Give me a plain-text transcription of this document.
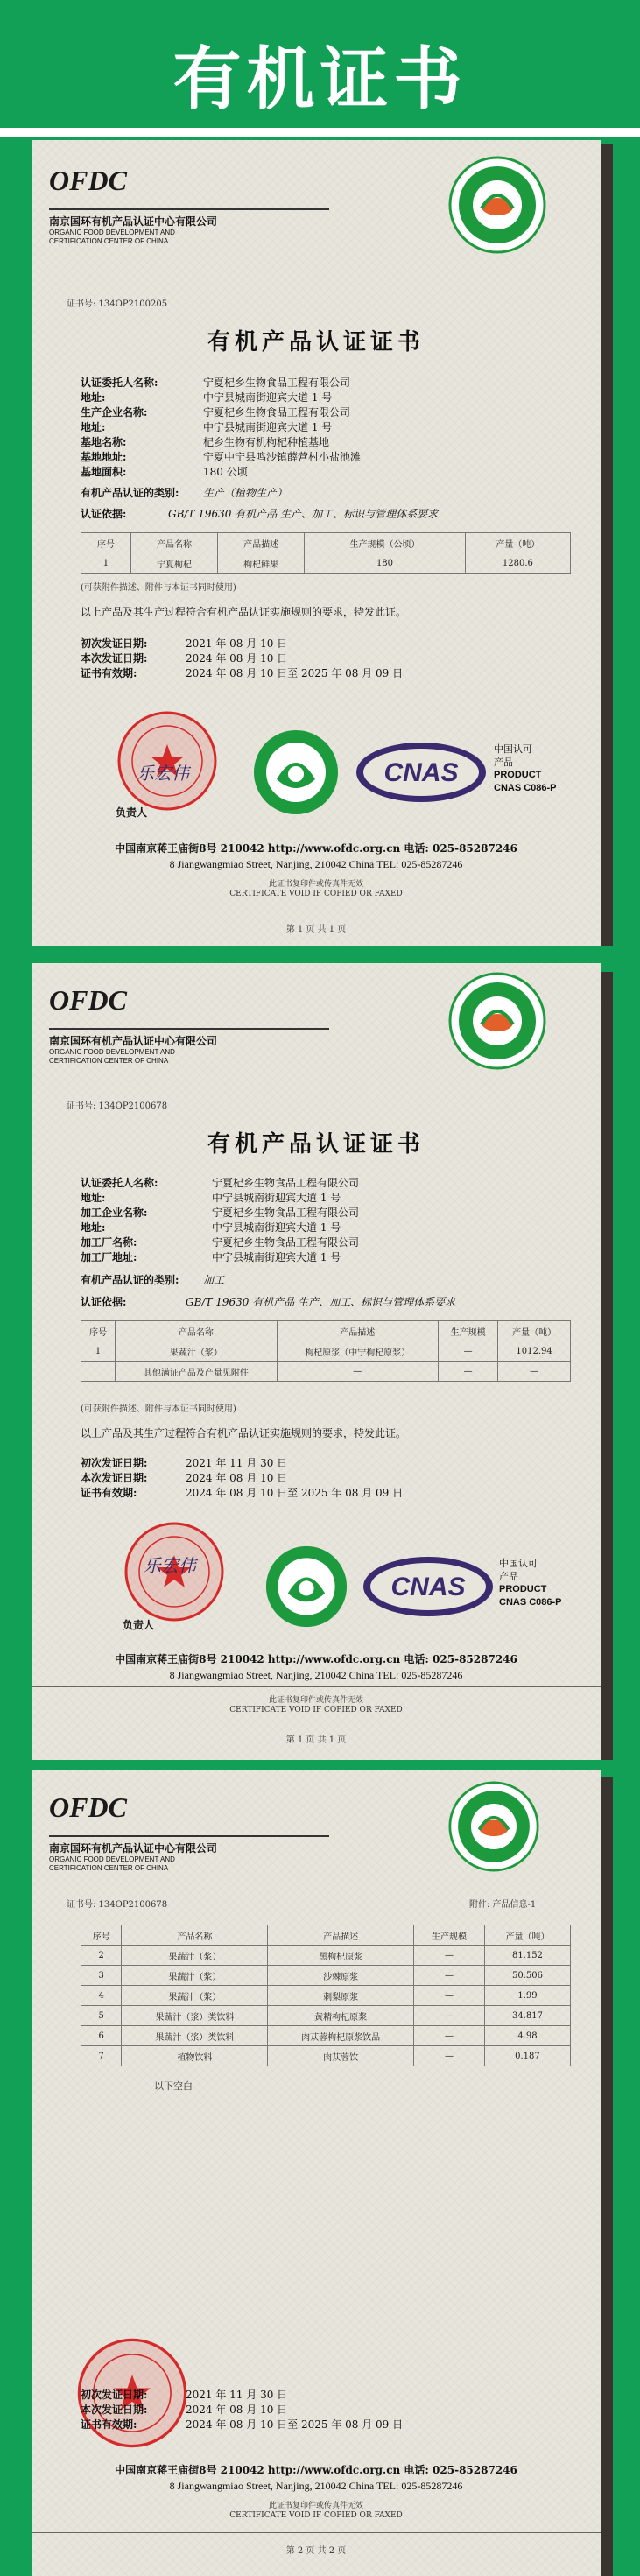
有机证书
OFDC
南京国环有机产品认证中心有限公司
ORGANIC FOOD DEVELOPMENT AND
CERTIFICATION CENTER OF CHINA
证书号: 134OP2100205
有机产品认证证书
认证委托人名称:	宁夏杞乡生物食品工程有限公司
地址:	中宁县城南街迎宾大道 1 号
生产企业名称:	宁夏杞乡生物食品工程有限公司
地址:	中宁县城南街迎宾大道 1 号
基地名称:	杞乡生物有机枸杞种植基地
基地地址:	宁夏中宁县鸣沙镇薛营村小盐池滩
基地面积:	180 公顷
有机产品认证的类别: 生产（植物生产）
认证依据:	GB/T 19630 有机产品 生产、加工、标识与管理体系要求
序号	产品名称	产品描述	生产规模（公顷）	产量（吨）
1	宁夏枸杞	枸杞鲜果	180	1280.6
(可获附件描述、附件与本证书同时使用)
以上产品及其生产过程符合有机产品认证实施规则的要求，特发此证。
初次发证日期:	2021 年 08 月 10 日
本次发证日期:	2024 年 08 月 10 日
证书有效期:	2024 年 08 月 10 日至 2025 年 08 月 09 日
乐宏伟
负责人
CNAS
中国认可
产品
PRODUCT
CNAS C086-P
中国南京蒋王庙街8号 210042 http://www.ofdc.org.cn 电话: 025-85287246
8 Jiangwangmiao Street, Nanjing, 210042 China TEL: 025-85287246
此证书复印件或传真件无效
CERTIFICATE VOID IF COPIED OR FAXED
第 1 页 共 1 页
OFDC
南京国环有机产品认证中心有限公司
ORGANIC FOOD DEVELOPMENT AND
CERTIFICATION CENTER OF CHINA
证书号: 134OP2100678
有机产品认证证书
认证委托人名称:	宁夏杞乡生物食品工程有限公司
地址:	中宁县城南街迎宾大道 1 号
加工企业名称:	宁夏杞乡生物食品工程有限公司
地址:	中宁县城南街迎宾大道 1 号
加工厂名称:	宁夏杞乡生物食品工程有限公司
加工厂地址:	中宁县城南街迎宾大道 1 号
有机产品认证的类别: 加工
认证依据:	GB/T 19630 有机产品 生产、加工、标识与管理体系要求
序号	产品名称	产品描述	生产规模	产量（吨）
1	果蔬汁（浆）	枸杞原浆（中宁枸杞原浆）	—	1012.94
	其他满证产品及产量见附件	—	—	—
(可获附件描述、附件与本证书同时使用)
以上产品及其生产过程符合有机产品认证实施规则的要求，特发此证。
初次发证日期:	2021 年 11 月 30 日
本次发证日期:	2024 年 08 月 10 日
证书有效期:	2024 年 08 月 10 日至 2025 年 08 月 09 日
乐宏伟
负责人
CNAS
中国认可
产品
PRODUCT
CNAS C086-P
中国南京蒋王庙街8号 210042 http://www.ofdc.org.cn 电话: 025-85287246
8 Jiangwangmiao Street, Nanjing, 210042 China TEL: 025-85287246
此证书复印件或传真件无效
CERTIFICATE VOID IF COPIED OR FAXED
第 1 页 共 1 页
OFDC
南京国环有机产品认证中心有限公司
ORGANIC FOOD DEVELOPMENT AND
CERTIFICATION CENTER OF CHINA
证书号: 134OP2100678	附件: 产品信息-1
序号	产品名称	产品描述	生产规模	产量（吨）
2	果蔬汁（浆）	黑枸杞原浆	—	81.152
3	果蔬汁（浆）	沙棘原浆	—	50.506
4	果蔬汁（浆）	刺梨原浆	—	1.99
5	果蔬汁（浆）类饮料	黄精枸杞原浆	—	34.817
6	果蔬汁（浆）类饮料	肉苁蓉枸杞原浆饮品	—	4.98
7	植物饮料	肉苁蓉饮	—	0.187
以下空白
初次发证日期:	2021 年 11 月 30 日
本次发证日期:	2024 年 08 月 10 日
证书有效期:	2024 年 08 月 10 日至 2025 年 08 月 09 日
中国南京蒋王庙街8号 210042 http://www.ofdc.org.cn 电话: 025-85287246
8 Jiangwangmiao Street, Nanjing, 210042 China TEL: 025-85287246
此证书复印件或传真件无效
CERTIFICATE VOID IF COPIED OR FAXED
第 2 页 共 2 页
